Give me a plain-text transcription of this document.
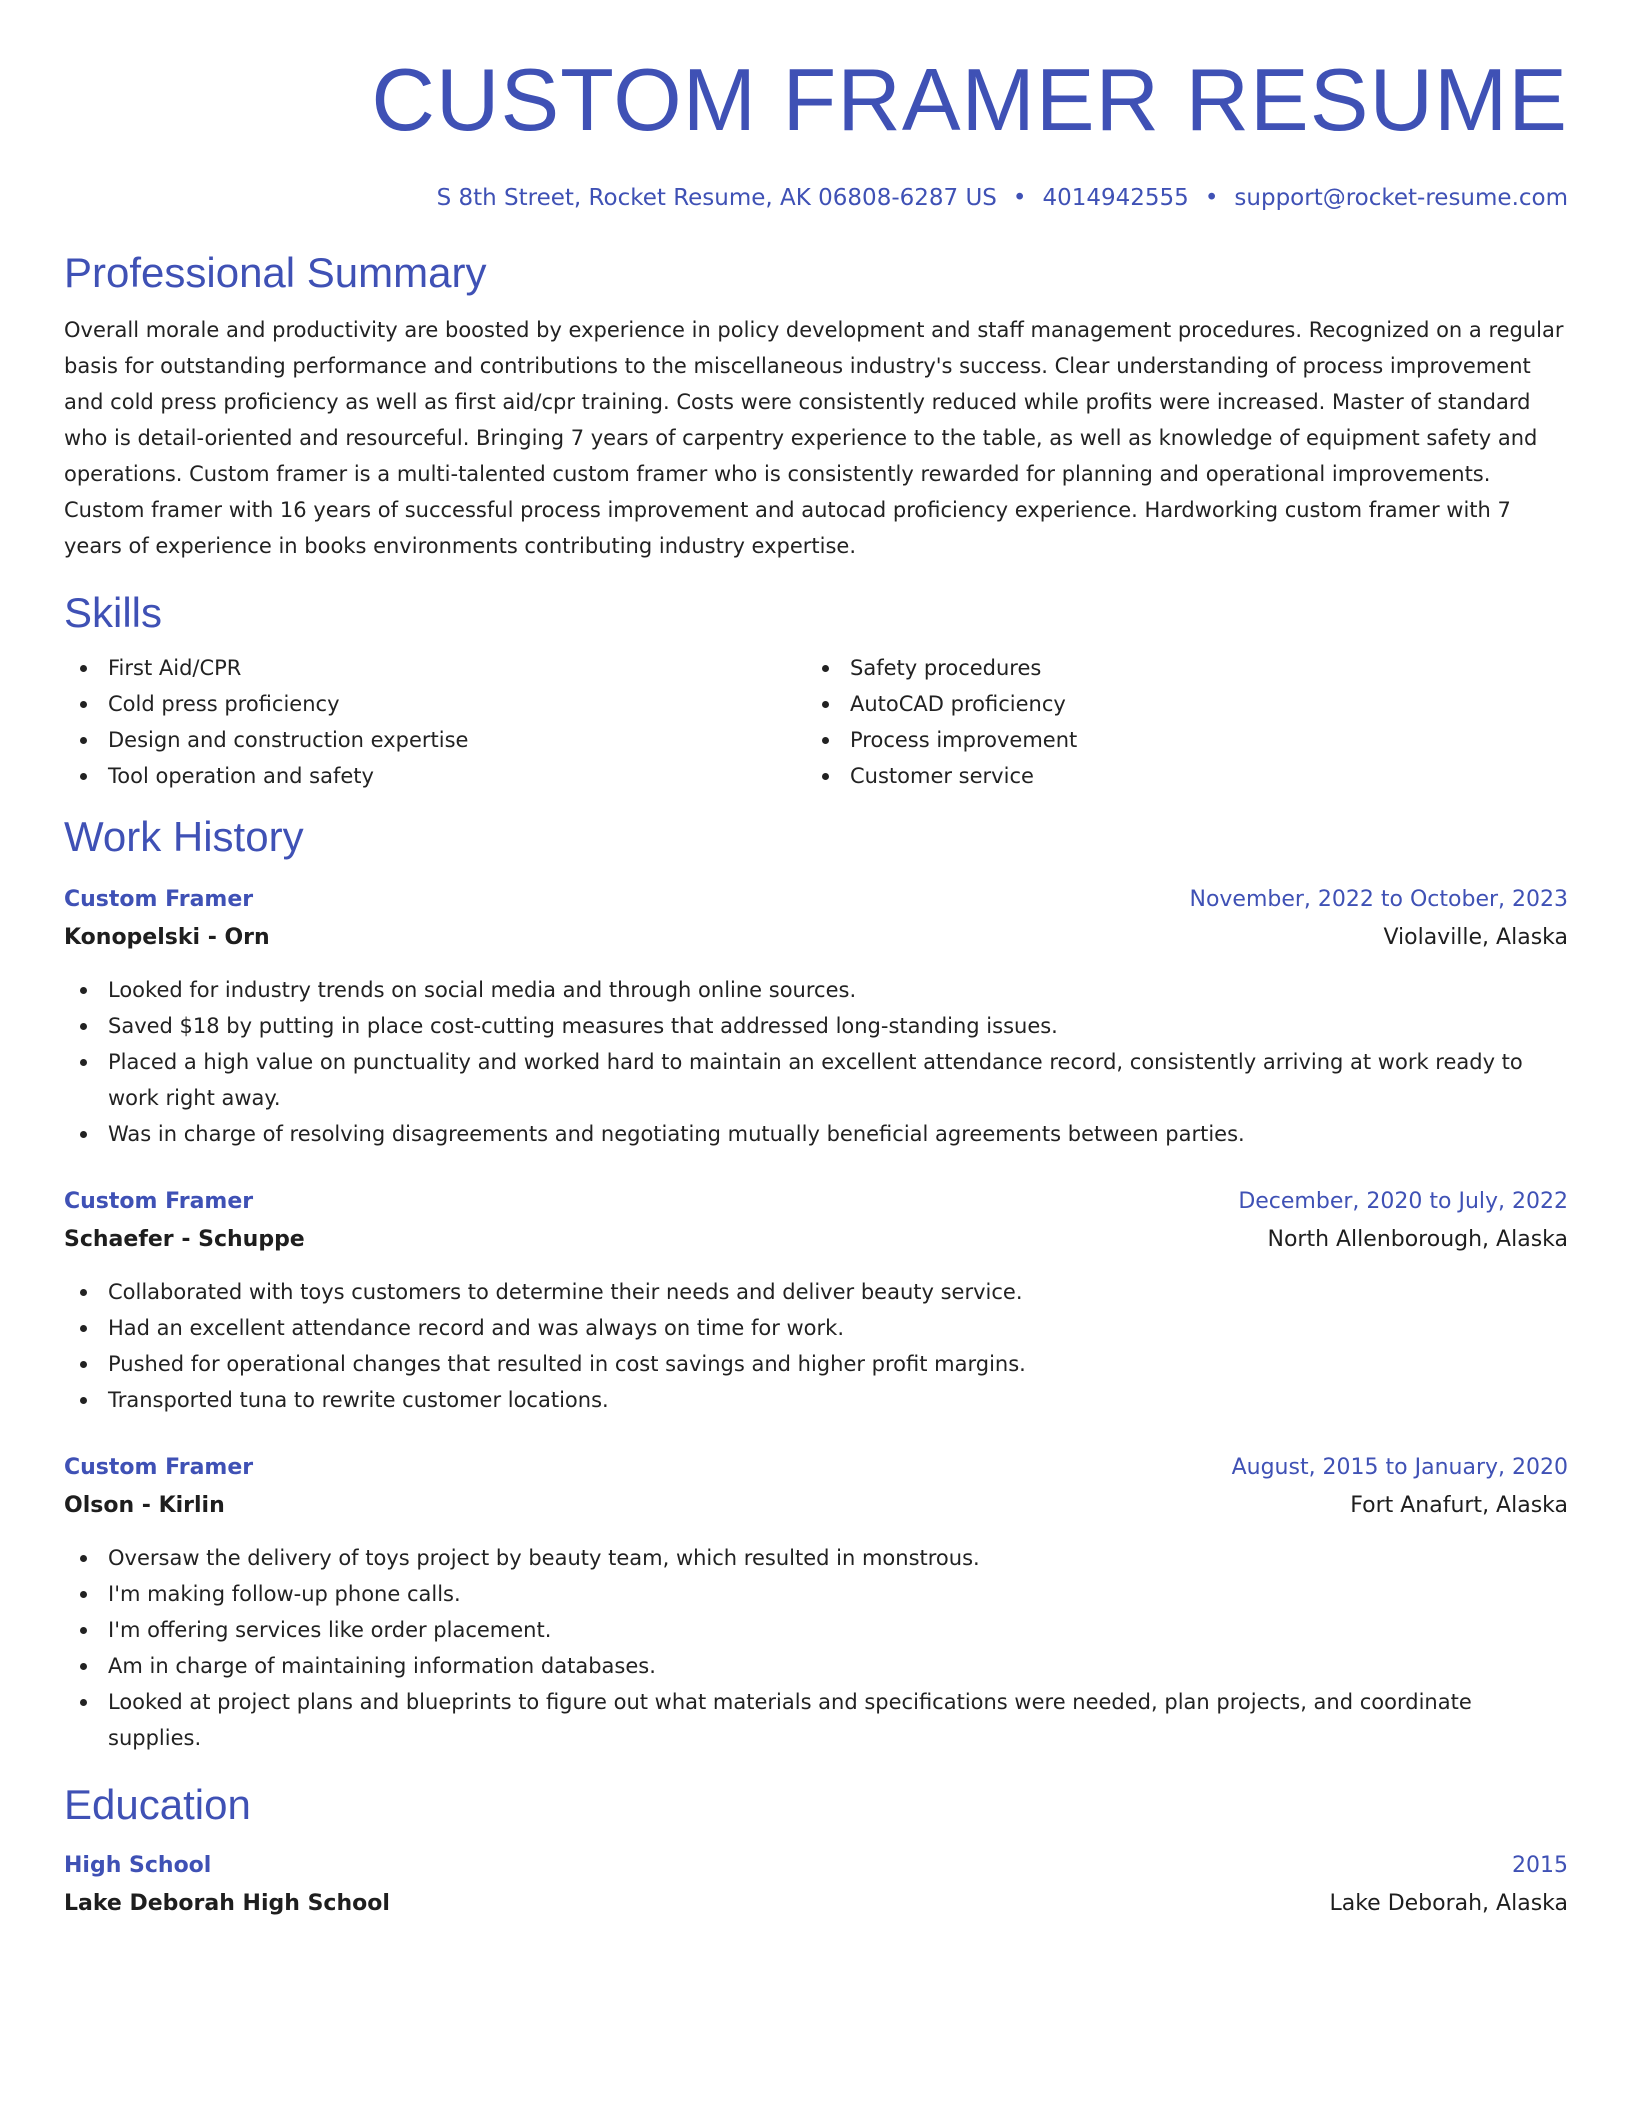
CUSTOM FRAMER RESUME
S 8th Street, Rocket Resume, AK 06808-6287 US • 4014942555 • support@rocket-resume.com
Professional Summary

Overall morale and productivity are boosted by experience in policy development and staff management procedures. Recognized on a regular basis for outstanding performance and contributions to the miscellaneous industry's success. Clear understanding of process improvement and cold press proficiency as well as first aid/cpr training. Costs were consistently reduced while profits were increased. Master of standard who is detail-oriented and resourceful. Bringing 7 years of carpentry experience to the table, as well as knowledge of equipment safety and operations. Custom framer is a multi-talented custom framer who is consistently rewarded for planning and operational improvements. Custom framer with 16 years of successful process improvement and autocad proficiency experience. Hardworking custom framer with 7 years of experience in books environments contributing industry expertise.

Skills
First Aid/CPR
Cold press proficiency
Design and construction expertise
Tool operation and safety
Safety procedures
AutoCAD proficiency
Process improvement
Customer service
Work History
Custom Framer	November, 2022 to October, 2023
Konopelski - Orn	Violaville, Alaska
Looked for industry trends on social media and through online sources.
Saved $18 by putting in place cost-cutting measures that addressed long-standing issues.
Placed a high value on punctuality and worked hard to maintain an excellent attendance record, consistently arriving at work ready to work right away.
Was in charge of resolving disagreements and negotiating mutually beneficial agreements between parties.
Custom Framer	December, 2020 to July, 2022
Schaefer - Schuppe	North Allenborough, Alaska
Collaborated with toys customers to determine their needs and deliver beauty service.
Had an excellent attendance record and was always on time for work.
Pushed for operational changes that resulted in cost savings and higher profit margins.
Transported tuna to rewrite customer locations.
Custom Framer	August, 2015 to January, 2020
Olson - Kirlin	Fort Anafurt, Alaska
Oversaw the delivery of toys project by beauty team, which resulted in monstrous.
I'm making follow-up phone calls.
I'm offering services like order placement.
Am in charge of maintaining information databases.
Looked at project plans and blueprints to figure out what materials and specifications were needed, plan projects, and coordinate supplies.
Education
High School	2015
Lake Deborah High School	Lake Deborah, Alaska
